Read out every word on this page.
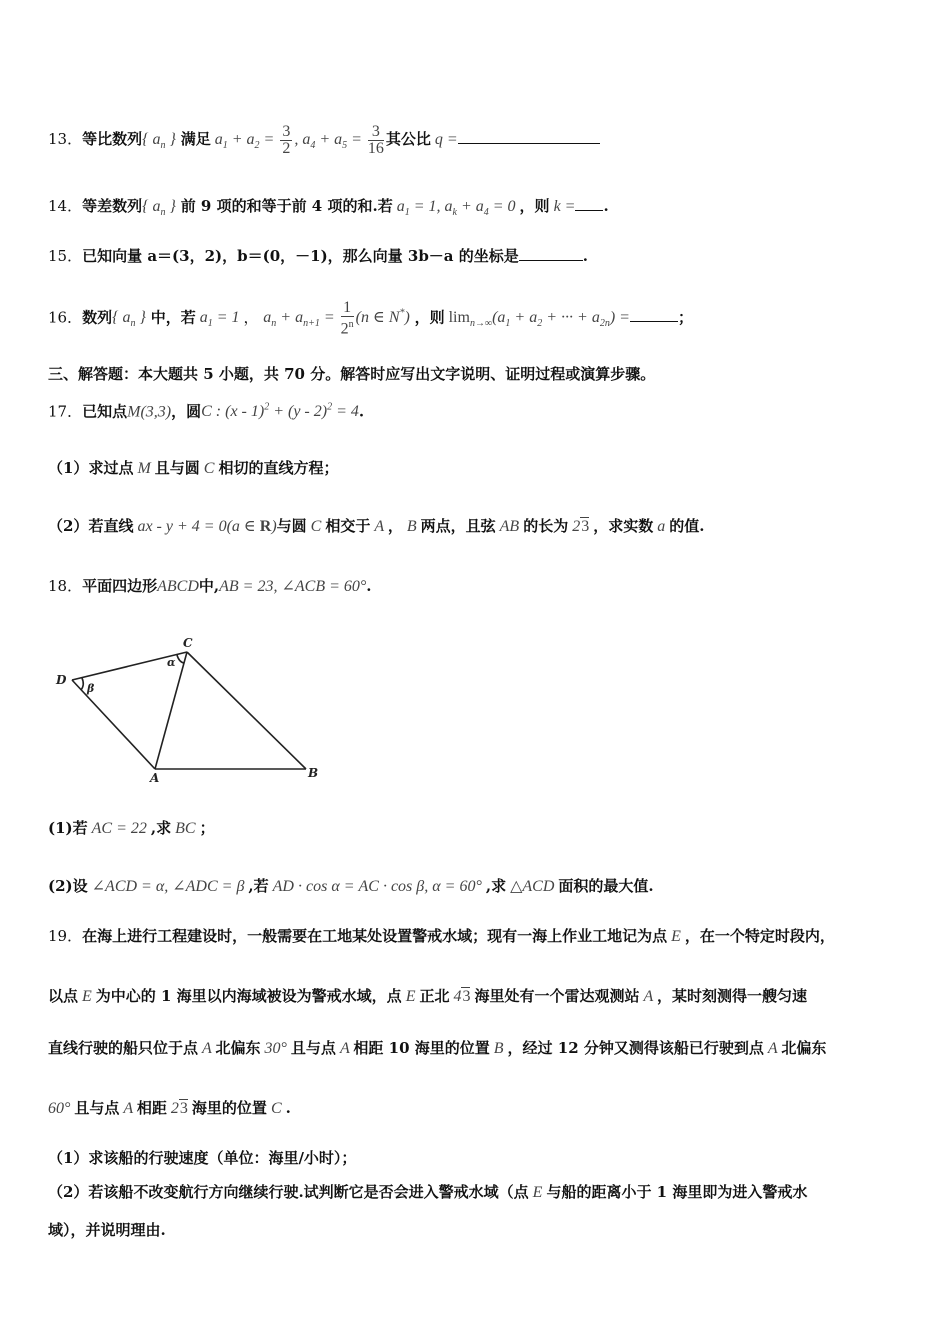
13．等比数列{ $a_n$ } 满足 $a_1 + a_2 = \frac{3}{2}$ , $a_4 + a_5 = \frac{3}{16}$ 其公比 q =
14．等差数列{ $a_n$ } 前 9 项的和等于前 4 项的和.若 $a_1 = 1$, $a_k + a_4 = 0$ ，则 k = .
15．已知向量 a＝(3，2)，b＝(0，－1)，那么向量 3b－a 的坐标是	.
16．数列{ $a_n$ } 中，若 $a_1 = 1$ ， $a_n + a_{n+1} = \frac{1}{2^n} (n$ ∈ N*) ，则 $\lim_{n\to\infty}(a_1 + a_2$ + ··· + $a_{2n}$) =	；
三、解答题：本大题共 5 小题，共 70 分。解答时应写出文字说明、证明过程或演算步骤。
17．已知点M(3,3)，圆C : (x - 1)$^2$ + (y - 2)$^2$ = 4.
（1）求过点 M 且与圆 C 相切的直线方程；
（2）若直线 ax - y + 4 = 0(a ∈ R)与圆 C 相交于 A ， B 两点，且弦 AB 的长为 23 ，求实数 a 的值.
18．平面四边形ABCD中,AB = 23, ∠ACB = 60°.
D
C
A	B
β
α
(1)若 AC = 22 ,求 BC ；
(2)设 ∠ACD = α, ∠ADC = β ,若 AD · cos α = AC · cos β, α = 60° ,求 △ACD 面积的最大值.
19．在海上进行工程建设时，一般需要在工地某处设置警戒水域；现有一海上作业工地记为点 E ，在一个特定时段内，
以点 E 为中心的 1 海里以内海域被设为警戒水域，点 E 正北 43 海里处有一个雷达观测站 A ，某时刻测得一艘匀速
直线行驶的船只位于点 A 北偏东 30° 且与点 A 相距 10 海里的位置 B ，经过 12 分钟又测得该船已行驶到点 A 北偏东
60° 且与点 A 相距 23 海里的位置 C .
（1）求该船的行驶速度（单位：海里/小时）；
（2）若该船不改变航行方向继续行驶.试判断它是否会进入警戒水域（点 E 与船的距离小于 1 海里即为进入警戒水
域），并说明理由.
